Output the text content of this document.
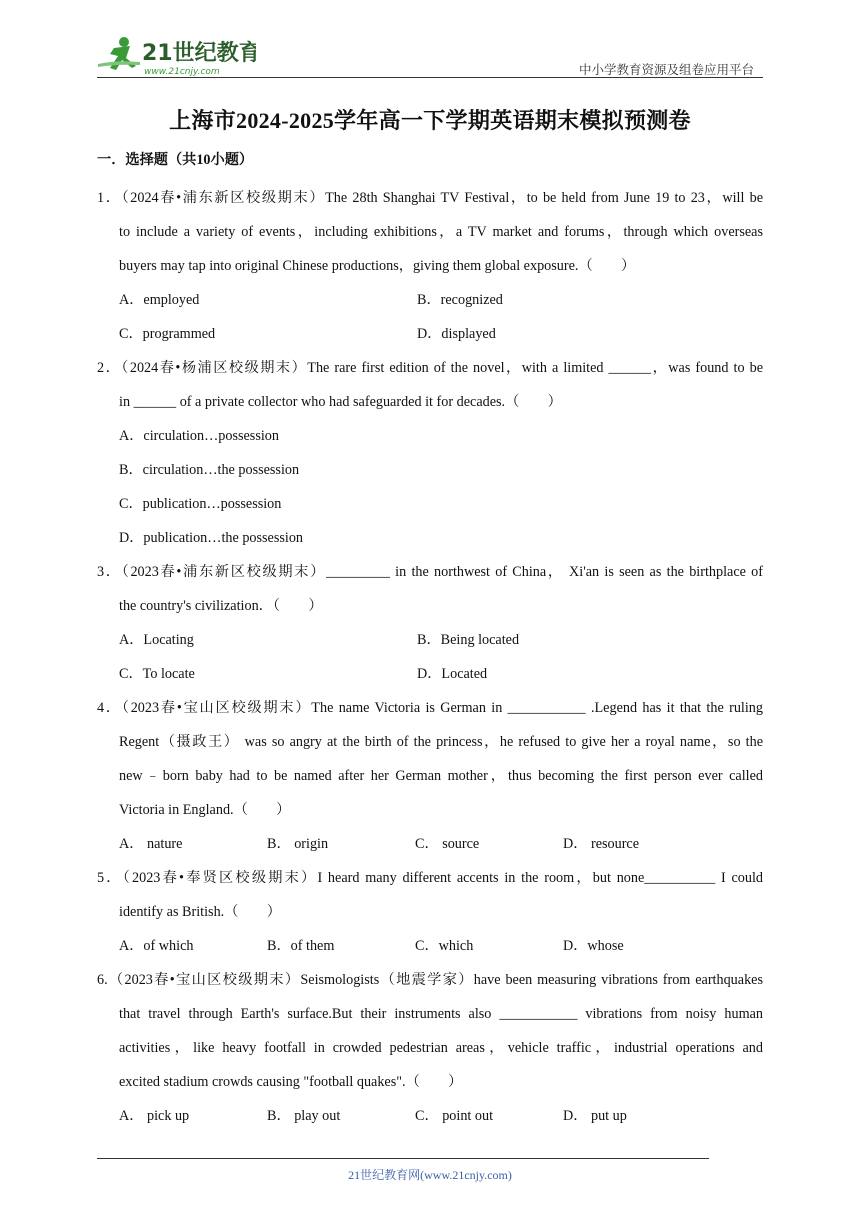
21世纪教育
www.21cnjy.com	中小学教育资源及组卷应用平台
上海市2024-2025学年高一下学期英语期末模拟预测卷
一．选择题（共10小题）
1．（2024春•浦东新区校级期末）The 28th Shanghai TV Festival，to be held from June 19 to 23，will be
to include a variety of events，including exhibitions，a TV market and forums，through which overseas
buyers may tap into original Chinese productions，giving them global exposure.（　　）
A．employed	B．recognized
C．programmed	D．displayed
2．（2024春•杨浦区校级期末）The rare first edition of the novel，with a limited ______，was found to be
in ______ of a private collector who had safeguarded it for decades.（　　）
A．circulation…possession
B．circulation…the possession
C．publication…possession
D．publication…the possession
3．（2023春•浦东新区校级期末）_________ in the northwest of China， Xi'an is seen as the birthplace of
the country's civilization．（　　）
A．Locating	B．Being located
C．To locate	D．Located
4．（2023春•宝山区校级期末）The name Victoria is German in ___________ .Legend has it that the ruling
Regent（摄政王） was so angry at the birth of the princess，he refused to give her a royal name，so the
new﹣born baby had to be named after her German mother，thus becoming the first person ever called
Victoria in England.（　　）
A． nature	B． origin	C． source	D． resource
5．（2023春•奉贤区校级期末）I heard many different accents in the room，but none__________ I could
identify as British.（　　）
A．of which	B．of them	C．which	D．whose
6.（2023春•宝山区校级期末）Seismologists（地震学家）have been measuring vibrations from earthquakes
that travel through Earth's surface.But their instruments also ___________ vibrations from noisy human
activities，like heavy footfall in crowded pedestrian areas，vehicle traffic，industrial operations and
excited stadium crowds causing "football quakes".（　　）
A． pick up	B． play out	C． point out	D． put up
21世纪教育网(www.21cnjy.com)
